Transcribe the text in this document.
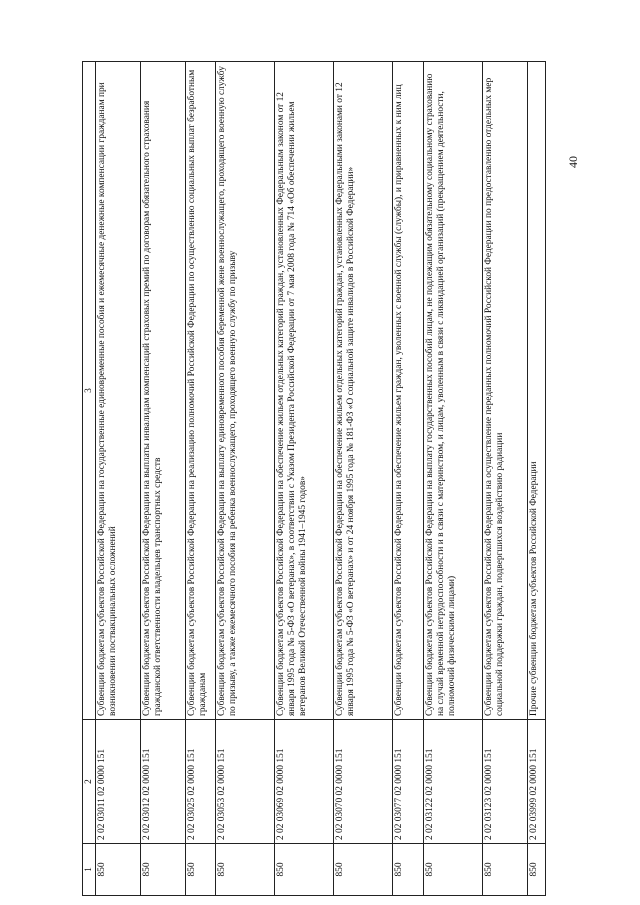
40
1	2	3
850	2 02 03011 02 0000 151	Субвенции бюджетам субъектов Российской Федерации на государственные единовременные пособия и ежемесячные денежные компенсации гражданам при возникновении поствакцинальных осложнений
850	2 02 03012 02 0000 151	Субвенции бюджетам субъектов Российской Федерации на выплаты инвалидам компенсаций страховых премий по договорам обязательного страхования гражданской ответственности владельцев транспортных средств
850	2 02 03025 02 0000 151	Субвенции бюджетам субъектов Российской Федерации на реализацию полномочий Российской Федерации по осуществлению социальных выплат безработным гражданам
850	2 02 03053 02 0000 151	Субвенции бюджетам субъектов Российской Федерации на выплату единовременного пособия беременной жене военнослужащего, проходящего военную службу по призыву, а также ежемесячного пособия на ребенка военнослужащего, проходящего военную службу по призыву
850	2 02 03069 02 0000 151	Субвенции бюджетам субъектов Российской Федерации на обеспечение жильем отдельных категорий граждан, установленных Федеральным законом от 12 января 1995 года № 5-ФЗ «О ветеранах», в соответствии с Указом Президента Российской Федерации от 7 мая 2008 года № 714 «Об обеспечении жильем ветеранов Великой Отечественной войны 1941–1945 годов»
850	2 02 03070 02 0000 151	Субвенции бюджетам субъектов Российской Федерации на обеспечение жильем отдельных категорий граждан, установленных Федеральными законами от 12 января 1995 года № 5-ФЗ «О ветеранах» и от 24 ноября 1995 года № 181-ФЗ «О социальной защите инвалидов в Российской Федерации»
850	2 02 03077 02 0000 151	Субвенции бюджетам субъектов Российской Федерации на обеспечение жильем граждан, уволенных с военной службы (службы), и приравненных к ним лиц
850	2 02 03122 02 0000 151	Субвенции бюджетам субъектов Российской Федерации на выплату государственных пособий лицам, не подлежащим обязательному социальному страхованию на случай временной нетрудоспособности и в связи с материнством, и лицам, уволенным в связи с ликвидацией организаций (прекращением деятельности, полномочий физическими лицами)
850	2 02 03123 02 0000 151	Субвенции бюджетам субъектов Российской Федерации на осуществление переданных полномочий Российской Федерации по предоставлению отдельных мер социальной поддержки граждан, подвергшихся воздействию радиации
850	2 02 03999 02 0000 151	Прочие субвенции бюджетам субъектов Российской Федерации
